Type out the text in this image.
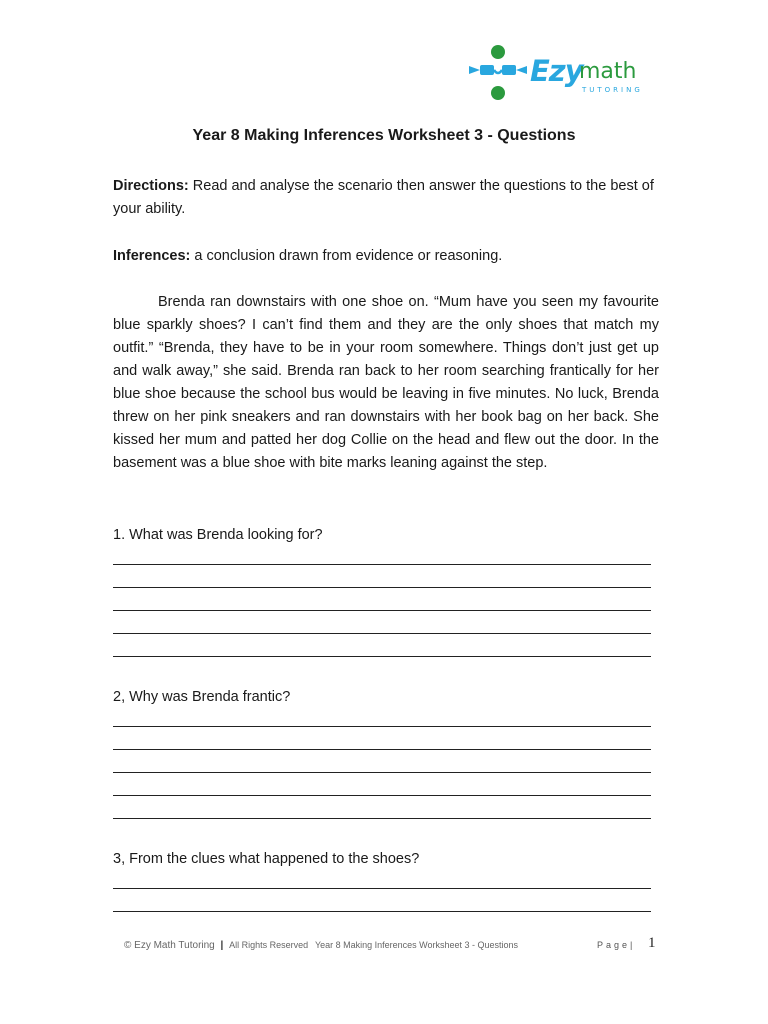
Ezy
math
TUTORING
Year 8 Making Inferences Worksheet 3 - Questions
Directions: Read and analyse the scenario then answer the questions to the best of your ability.
Inferences: a conclusion drawn from evidence or reasoning.
Brenda ran downstairs with one shoe on. “Mum have you seen my favourite blue sparkly shoes? I can’t find them and they are the only shoes that match my outfit.” “Brenda, they have to be in your room somewhere. Things don’t just get up and walk away,” she said. Brenda ran back to her room searching frantically for her blue shoe because the school bus would be leaving in five minutes. No luck, Brenda threw on her pink sneakers and ran downstairs with her book bag on her back. She kissed her mum and patted her dog Collie on the head and flew out the door. In the basement was a blue shoe with bite marks leaning against the step.
1. What was Brenda looking for?
2, Why was Brenda frantic?
3, From the clues what happened to the shoes?
© Ezy Math Tutoring | All Rights Reserved Year 8 Making Inferences Worksheet 3 - Questions	Page| 1
